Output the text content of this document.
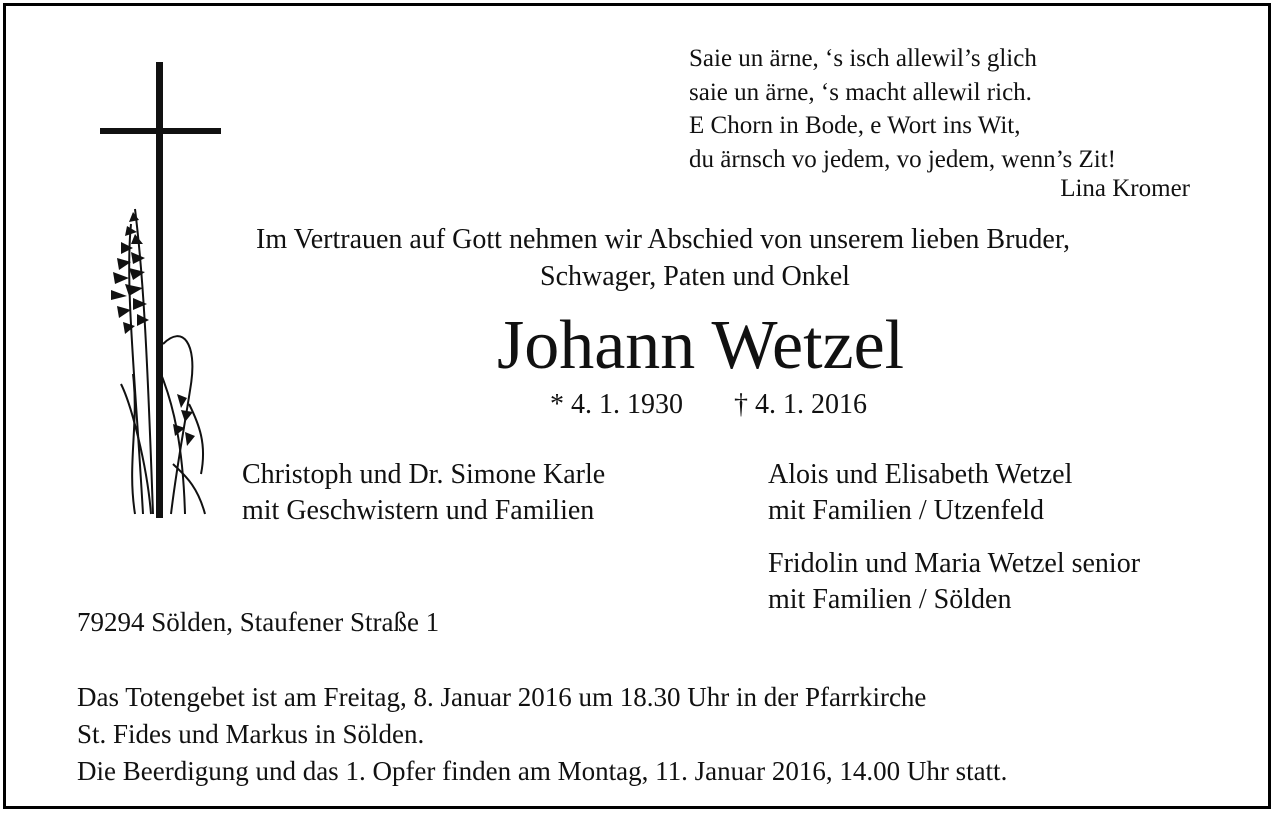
Saie un ärne, ‘s isch allewil’s glich
saie un ärne, ‘s macht allewil rich.
E Chorn in Bode, e Wort ins Wit,
du ärnsch vo jedem, vo jedem, wenn’s Zit!
Lina Kromer
Im Vertrauen auf Gott nehmen wir Abschied von unserem lieben Bruder,
Schwager, Paten und Onkel
Johann Wetzel
* 4. 1. 1930 † 4. 1. 2016
Christoph und Dr. Simone Karle
mit Geschwistern und Familien
Alois und Elisabeth Wetzel
mit Familien / Utzenfeld
Fridolin und Maria Wetzel senior
mit Familien / Sölden
79294 Sölden, Staufener Straße 1
Das Totengebet ist am Freitag, 8. Januar 2016 um 18.30 Uhr in der Pfarrkirche
St. Fides und Markus in Sölden.
Die Beerdigung und das 1. Opfer finden am Montag, 11. Januar 2016, 14.00 Uhr statt.
